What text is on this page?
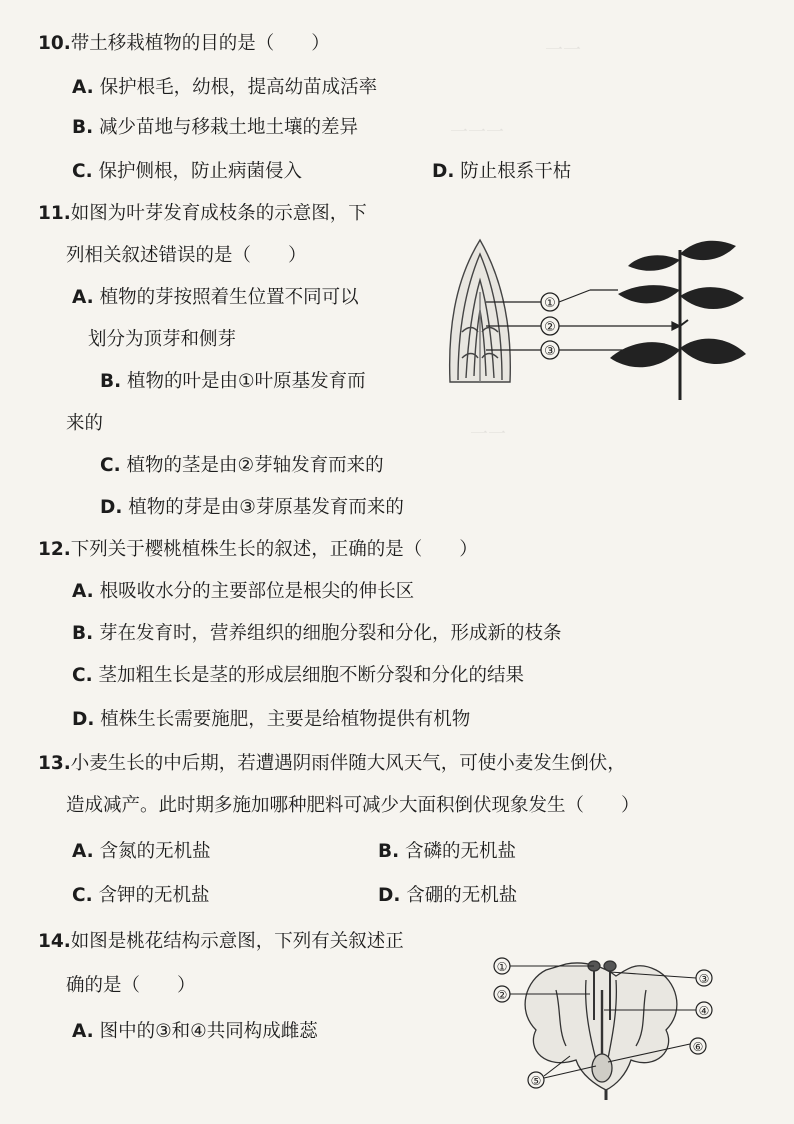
一一
一一一
一一
10.带土移栽植物的目的是（　　）
A. 保护根毛，幼根，提高幼苗成活率
B. 减少苗地与移栽土地土壤的差异
C. 保护侧根，防止病菌侵入	D. 防止根系干枯
11.如图为叶芽发育成枝条的示意图，下
列相关叙述错误的是（　　）
A. 植物的芽按照着生位置不同可以
划分为顶芽和侧芽
B. 植物的叶是由①叶原基发育而
来的
C. 植物的茎是由②芽轴发育而来的
D. 植物的芽是由③芽原基发育而来的
①
②
③
12.下列关于樱桃植株生长的叙述，正确的是（　　）
A. 根吸收水分的主要部位是根尖的伸长区
B. 芽在发育时，营养组织的细胞分裂和分化，形成新的枝条
C. 茎加粗生长是茎的形成层细胞不断分裂和分化的结果
D. 植株生长需要施肥，主要是给植物提供有机物
13.小麦生长的中后期，若遭遇阴雨伴随大风天气，可使小麦发生倒伏，
造成减产。此时期多施加哪种肥料可减少大面积倒伏现象发生（　　）
A. 含氮的无机盐	B. 含磷的无机盐
C. 含钾的无机盐	D. 含硼的无机盐
14.如图是桃花结构示意图，下列有关叙述正
确的是（　　）
A. 图中的③和④共同构成雌蕊
①
②
③
④
⑤
⑥
